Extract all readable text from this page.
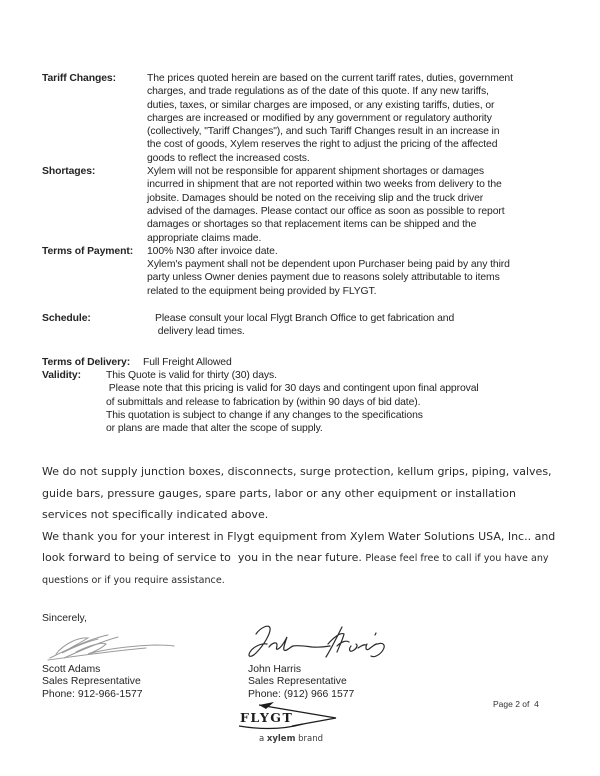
Tariff Changes:	The prices quoted herein are based on the current tariff rates, duties, government
charges, and trade regulations as of the date of this quote. If any new tariffs,
duties, taxes, or similar charges are imposed, or any existing tariffs, duties, or
charges are increased or modified by any government or regulatory authority
(collectively, "Tariff Changes"), and such Tariff Changes result in an increase in
the cost of goods, Xylem reserves the right to adjust the pricing of the affected
goods to reflect the increased costs.
Shortages:	Xylem will not be responsible for apparent shipment shortages or damages
incurred in shipment that are not reported within two weeks from delivery to the
jobsite. Damages should be noted on the receiving slip and the truck driver
advised of the damages. Please contact our office as soon as possible to report
damages or shortages so that replacement items can be shipped and the
appropriate claims made.
Terms of Payment:	100% N30 after invoice date.
Xylem's payment shall not be dependent upon Purchaser being paid by any third
party unless Owner denies payment due to reasons solely attributable to items
related to the equipment being provided by FLYGT.
Schedule:	Please consult your local Flygt Branch Office to get fabrication and
delivery lead times.
Terms of Delivery:	Full Freight Allowed
Validity:	This Quote is valid for thirty (30) days.
Please note that this pricing is valid for 30 days and contingent upon final approval
of submittals and release to fabrication by (within 90 days of bid date).
This quotation is subject to change if any changes to the specifications
or plans are made that alter the scope of supply.
We do not supply junction boxes, disconnects, surge protection, kellum grips, piping, valves,
guide bars, pressure gauges, spare parts, labor or any other equipment or installation
services not specifically indicated above.
We thank you for your interest in Flygt equipment from Xylem Water Solutions USA, Inc.. and
look forward to being of service to  you in the near future. Please feel free to call if you have any
questions or if you require assistance.
Sincerely,
Scott Adams
Sales Representative
Phone: 912-966-1577
John Harris
Sales Representative
Phone: (912) 966 1577
Page 2 of  4
FLYGT
a xylem brand
